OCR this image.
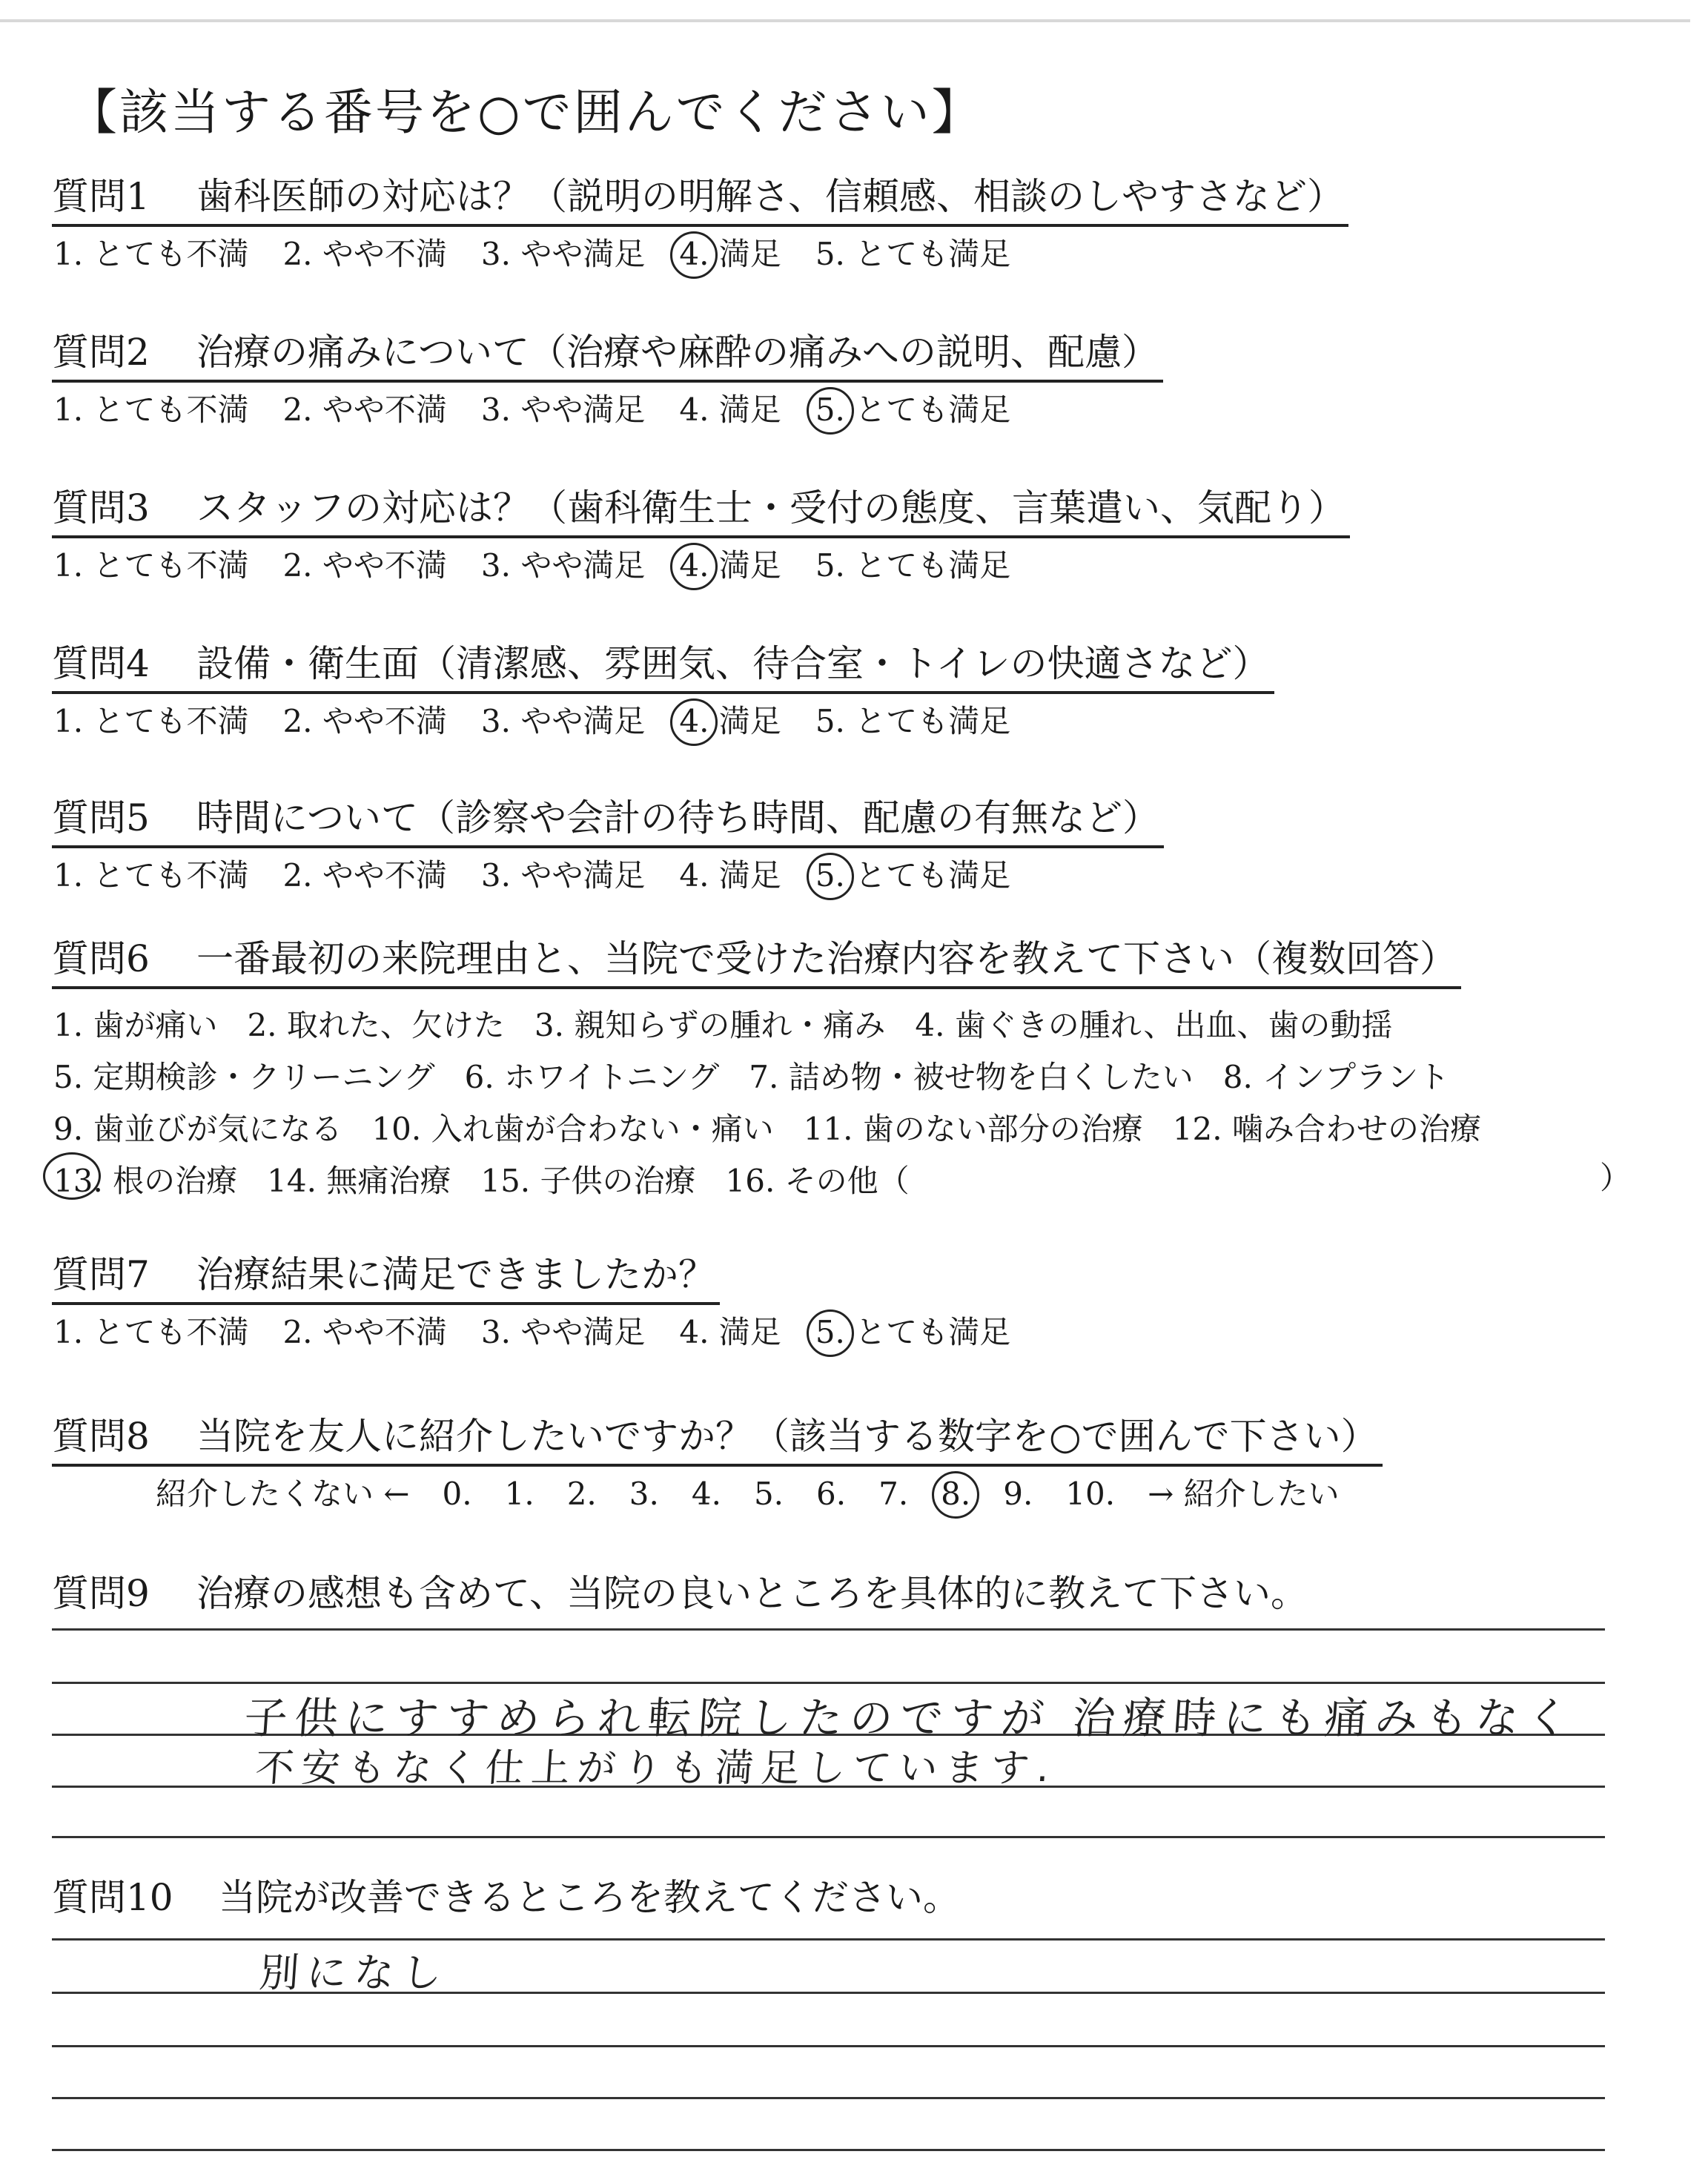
【該当する番号を○で囲んでください】
質問1 歯科医師の対応は？（説明の明解さ、信頼感、相談のしやすさなど）
1. とても不満 2. やや不満 3. やや満足 4. 満足 5. とても満足
質問2 治療の痛みについて（治療や麻酔の痛みへの説明、配慮）
1. とても不満 2. やや不満 3. やや満足 4. 満足 5. とても満足
質問3 スタッフの対応は？（歯科衛生士・受付の態度、言葉遣い、気配り）
1. とても不満 2. やや不満 3. やや満足 4. 満足 5. とても満足
質問4 設備・衛生面（清潔感、雰囲気、待合室・トイレの快適さなど）
1. とても不満 2. やや不満 3. やや満足 4. 満足 5. とても満足
質問5 時間について（診察や会計の待ち時間、配慮の有無など）
1. とても不満 2. やや不満 3. やや満足 4. 満足 5. とても満足
質問6 一番最初の来院理由と、当院で受けた治療内容を教えて下さい（複数回答）
1. 歯が痛い 2. 取れた、欠けた 3. 親知らずの腫れ・痛み 4. 歯ぐきの腫れ、出血、歯の動揺
5. 定期検診・クリーニング 6. ホワイトニング 7. 詰め物・被せ物を白くしたい 8. インプラント
9. 歯並びが気になる 10. 入れ歯が合わない・痛い 11. 歯のない部分の治療 12. 噛み合わせの治療
13. 根の治療 14. 無痛治療 15. 子供の治療 16. その他（	）
質問7 治療結果に満足できましたか？
1. とても不満 2. やや不満 3. やや満足 4. 満足 5. とても満足
質問8 当院を友人に紹介したいですか？（該当する数字を○で囲んで下さい）
紹介したくない ← 0. 1. 2. 3. 4. 5. 6. 7. 8. 9. 10. → 紹介したい
質問9 治療の感想も含めて、当院の良いところを具体的に教えて下さい。
子供にすすめられ転院したのですが 治療時にも痛みもなく
不安もなく仕上がりも満足しています.
質問10 当院が改善できるところを教えてください。
別になし
